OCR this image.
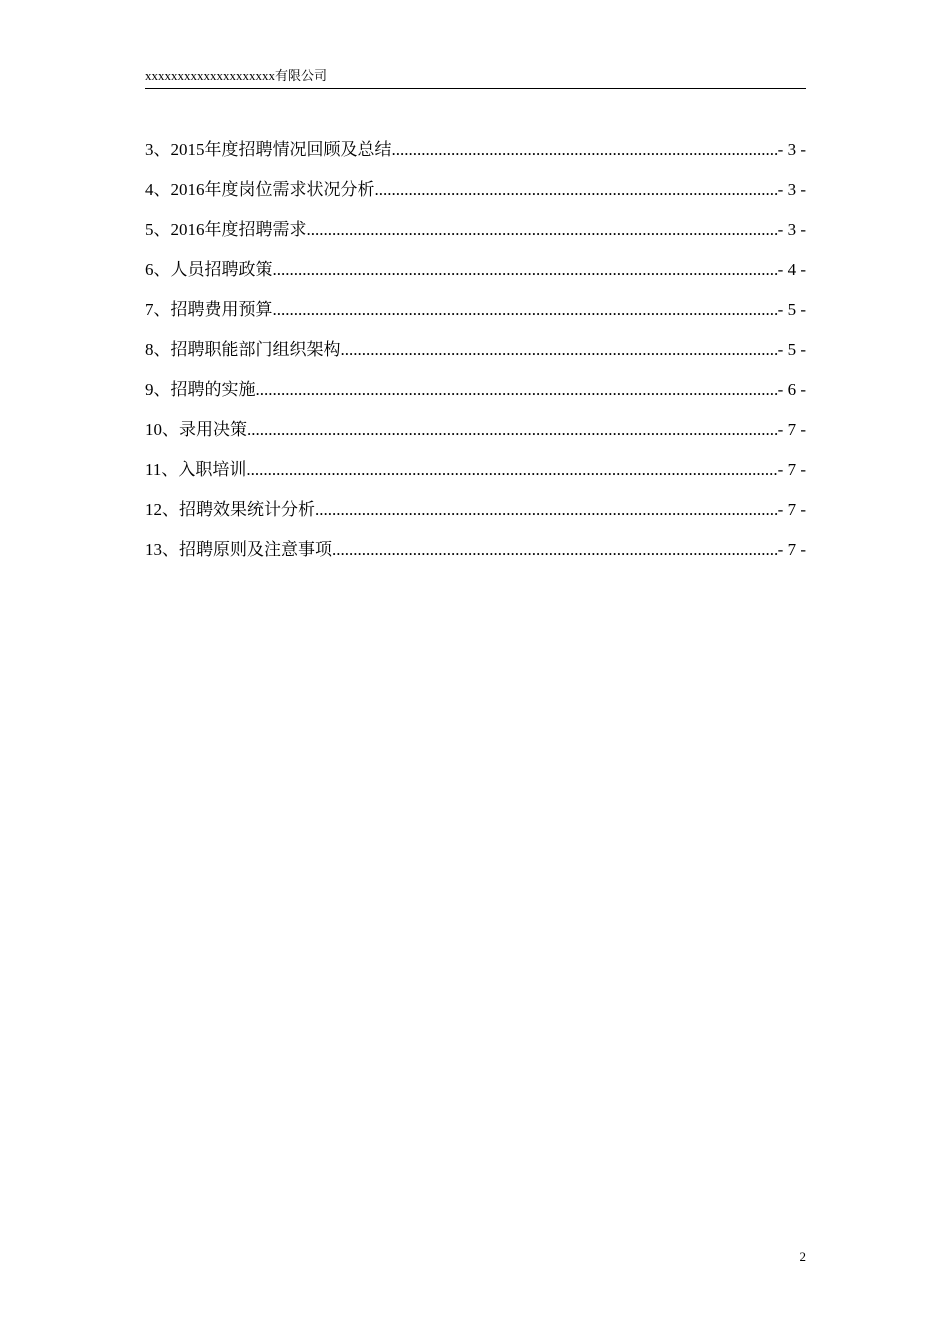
xxxxxxxxxxxxxxxxxxxx有限公司
3、2015年度招聘情况回顾及总结 .....	- 3 -
4、2016年度岗位需求状况分析 .....	- 3 -
5、2016年度招聘需求 .....	- 3 -
6、人员招聘政策 .....	- 4 -
7、招聘费用预算 .....	- 5 -
8、招聘职能部门组织架构 .....	- 5 -
9、招聘的实施 .....	- 6 -
10、录用决策 .....	- 7 -
11、入职培训 .....	- 7 -
12、招聘效果统计分析 .....	- 7 -
13、招聘原则及注意事项 .....	- 7 -
2
